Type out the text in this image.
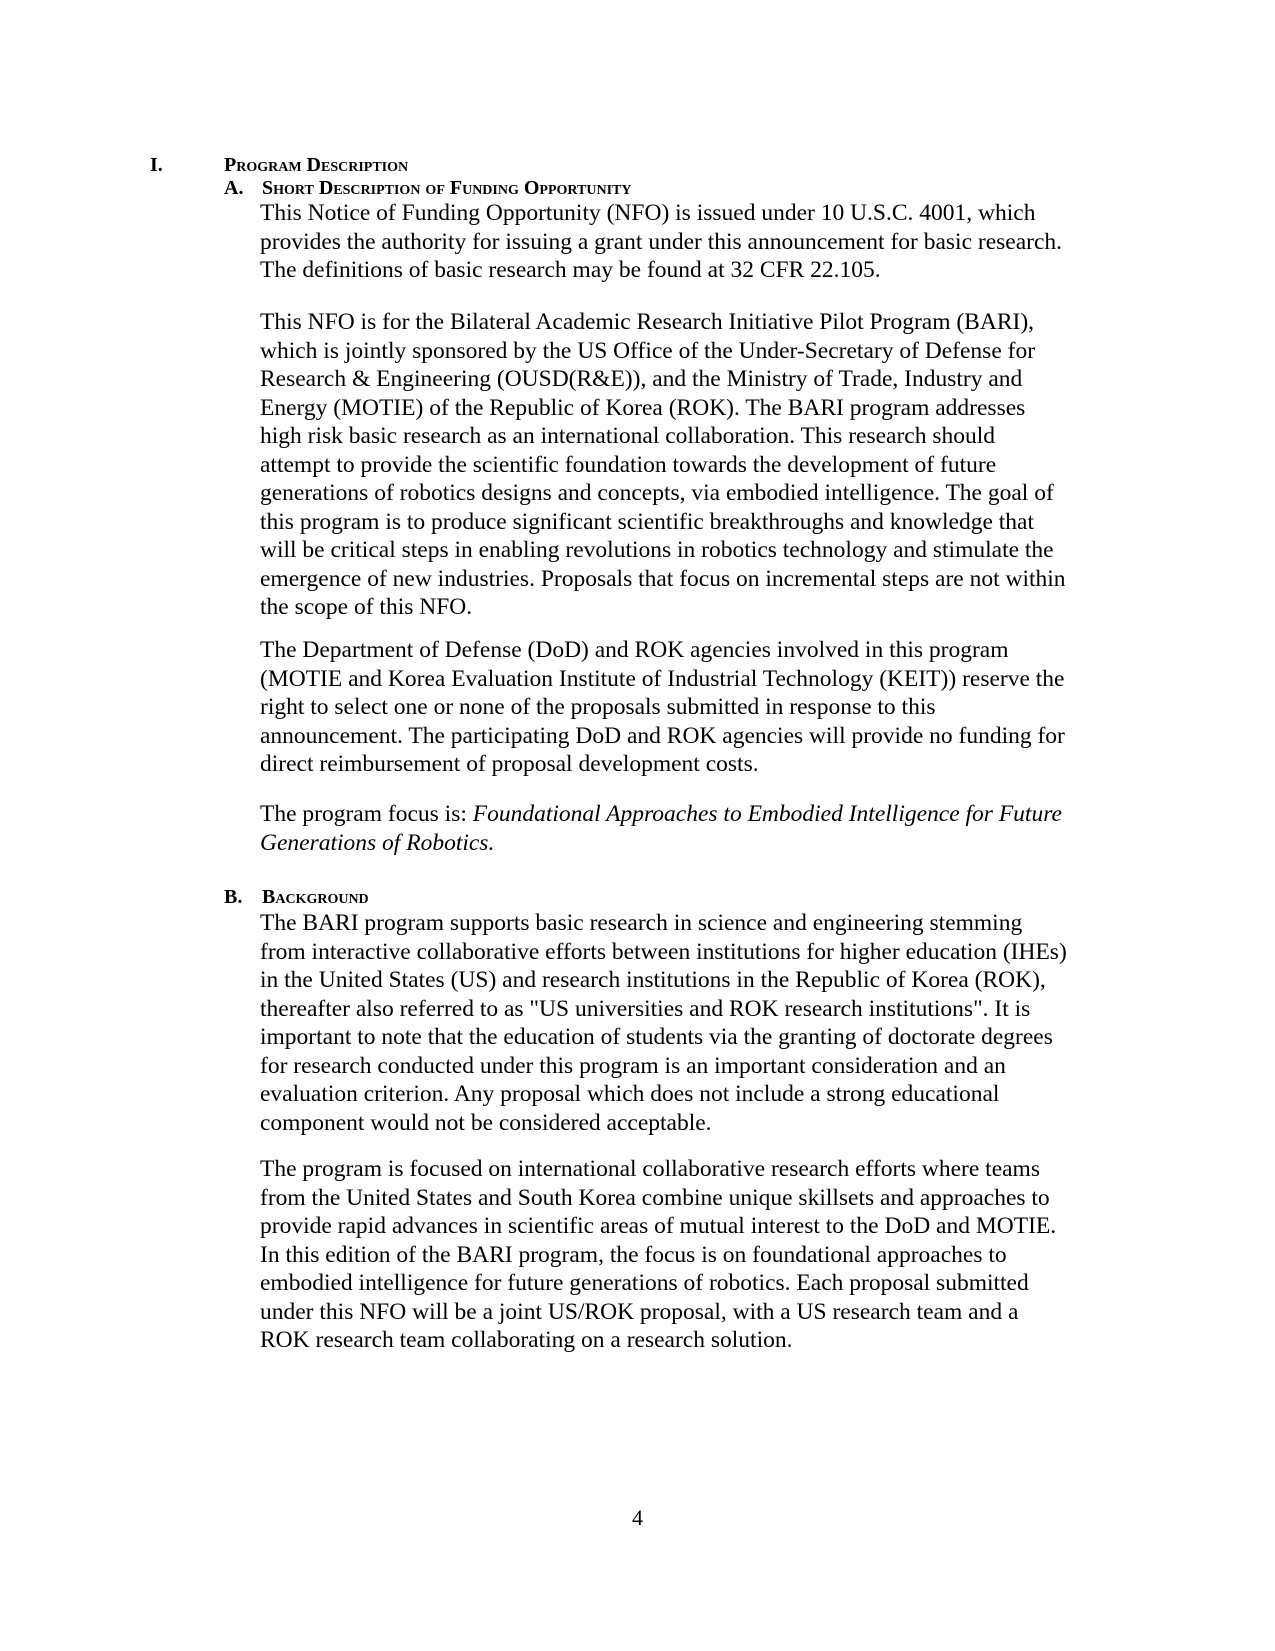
I.	Program Description
A. Short Description of Funding Opportunity

This Notice of Funding Opportunity (NFO) is issued under 10 U.S.C. 4001, which
provides the authority for issuing a grant under this announcement for basic research.
The definitions of basic research may be found at 32 CFR 22.105.

This NFO is for the Bilateral Academic Research Initiative Pilot Program (BARI),
which is jointly sponsored by the US Office of the Under-Secretary of Defense for
Research & Engineering (OUSD(R&E)), and the Ministry of Trade, Industry and
Energy (MOTIE) of the Republic of Korea (ROK). The BARI program addresses
high risk basic research as an international collaboration. This research should
attempt to provide the scientific foundation towards the development of future
generations of robotics designs and concepts, via embodied intelligence. The goal of
this program is to produce significant scientific breakthroughs and knowledge that
will be critical steps in enabling revolutions in robotics technology and stimulate the
emergence of new industries. Proposals that focus on incremental steps are not within
the scope of this NFO.

The Department of Defense (DoD) and ROK agencies involved in this program
(MOTIE and Korea Evaluation Institute of Industrial Technology (KEIT)) reserve the
right to select one or none of the proposals submitted in response to this
announcement. The participating DoD and ROK agencies will provide no funding for
direct reimbursement of proposal development costs.

The program focus is: Foundational Approaches to Embodied Intelligence for Future
Generations of Robotics.

B. Background

The BARI program supports basic research in science and engineering stemming
from interactive collaborative efforts between institutions for higher education (IHEs)
in the United States (US) and research institutions in the Republic of Korea (ROK),
thereafter also referred to as "US universities and ROK research institutions". It is
important to note that the education of students via the granting of doctorate degrees
for research conducted under this program is an important consideration and an
evaluation criterion. Any proposal which does not include a strong educational
component would not be considered acceptable.

The program is focused on international collaborative research efforts where teams
from the United States and South Korea combine unique skillsets and approaches to
provide rapid advances in scientific areas of mutual interest to the DoD and MOTIE.
In this edition of the BARI program, the focus is on foundational approaches to
embodied intelligence for future generations of robotics. Each proposal submitted
under this NFO will be a joint US/ROK proposal, with a US research team and a
ROK research team collaborating on a research solution.

4
